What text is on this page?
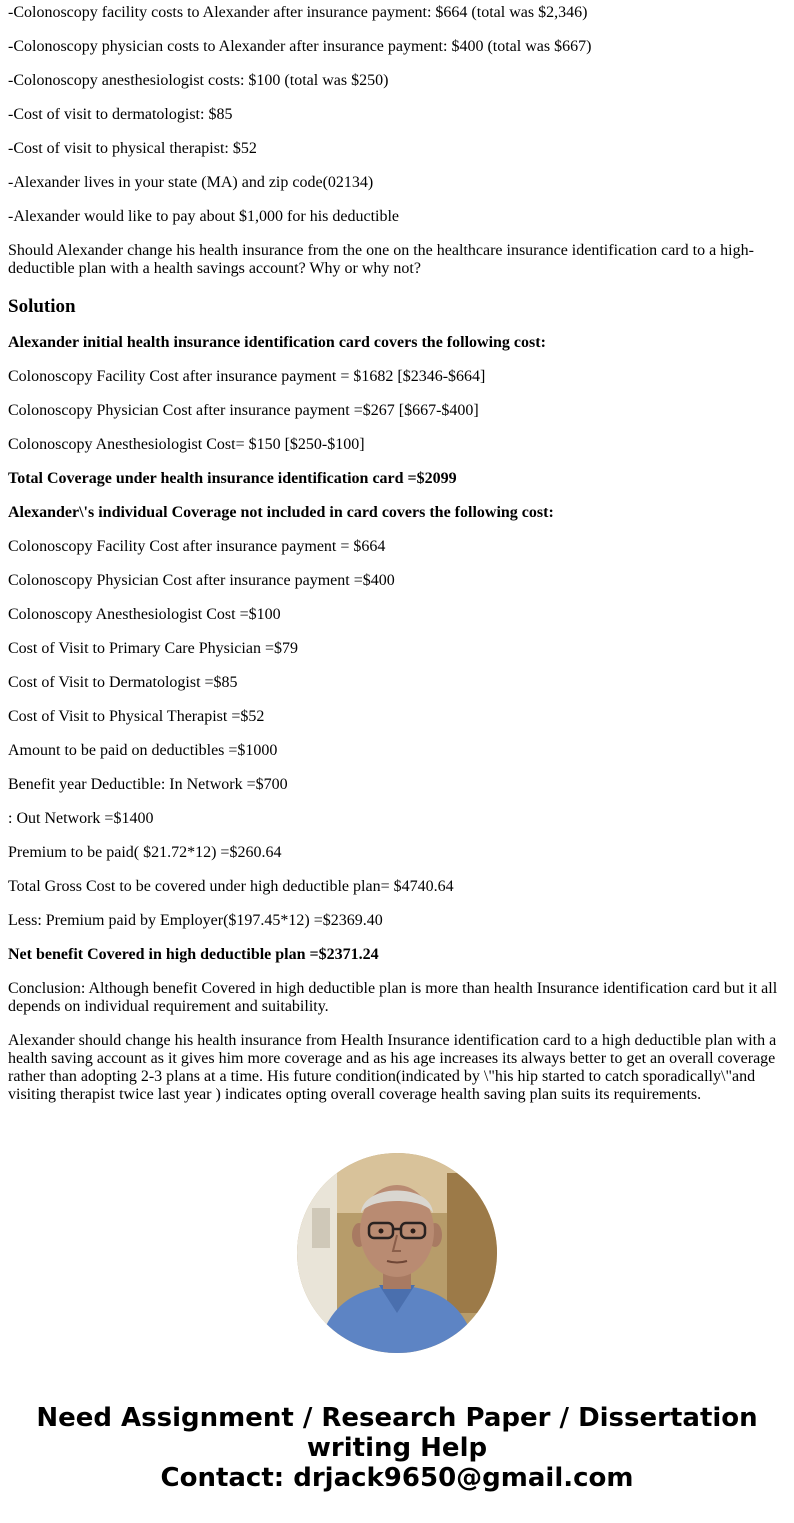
-Colonoscopy facility costs to Alexander after insurance payment: $664 (total was $2,346)

-Colonoscopy physician costs to Alexander after insurance payment: $400 (total was $667)

-Colonoscopy anesthesiologist costs: $100 (total was $250)

-Cost of visit to dermatologist: $85

-Cost of visit to physical therapist: $52

-Alexander lives in your state (MA) and zip code(02134)

-Alexander would like to pay about $1,000 for his deductible

Should Alexander change his health insurance from the one on the healthcare insurance identification card to a high-deductible plan with a health savings account? Why or why not?

Solution

Alexander initial health insurance identification card covers the following cost:

Colonoscopy Facility Cost after insurance payment = $1682 [$2346-$664]

Colonoscopy Physician Cost after insurance payment =$267 [$667-$400]

Colonoscopy Anesthesiologist Cost= $150 [$250-$100]

Total Coverage under health insurance identification card =$2099

Alexander\'s individual Coverage not included in card covers the following cost:

Colonoscopy Facility Cost after insurance payment = $664

Colonoscopy Physician Cost after insurance payment =$400

Colonoscopy Anesthesiologist Cost =$100

Cost of Visit to Primary Care Physician =$79

Cost of Visit to Dermatologist =$85

Cost of Visit to Physical Therapist =$52

Amount to be paid on deductibles =$1000

Benefit year Deductible: In Network =$700

: Out Network =$1400

Premium to be paid( $21.72*12) =$260.64

Total Gross Cost to be covered under high deductible plan= $4740.64

Less: Premium paid by Employer($197.45*12) =$2369.40

Net benefit Covered in high deductible plan =$2371.24

Conclusion: Although benefit Covered in high deductible plan is more than health Insurance identification card but it all depends on individual requirement and suitability.

Alexander should change his health insurance from Health Insurance identification card to a high deductible plan with a health saving account as it gives him more coverage and as his age increases its always better to get an overall coverage rather than adopting 2-3 plans at a time. His future condition(indicated by \"his hip started to catch sporadically\"and visiting therapist twice last year ) indicates opting overall coverage health saving plan suits its requirements.

Need Assignment / Research Paper / Dissertation
writing Help
Contact: drjack9650@gmail.com
